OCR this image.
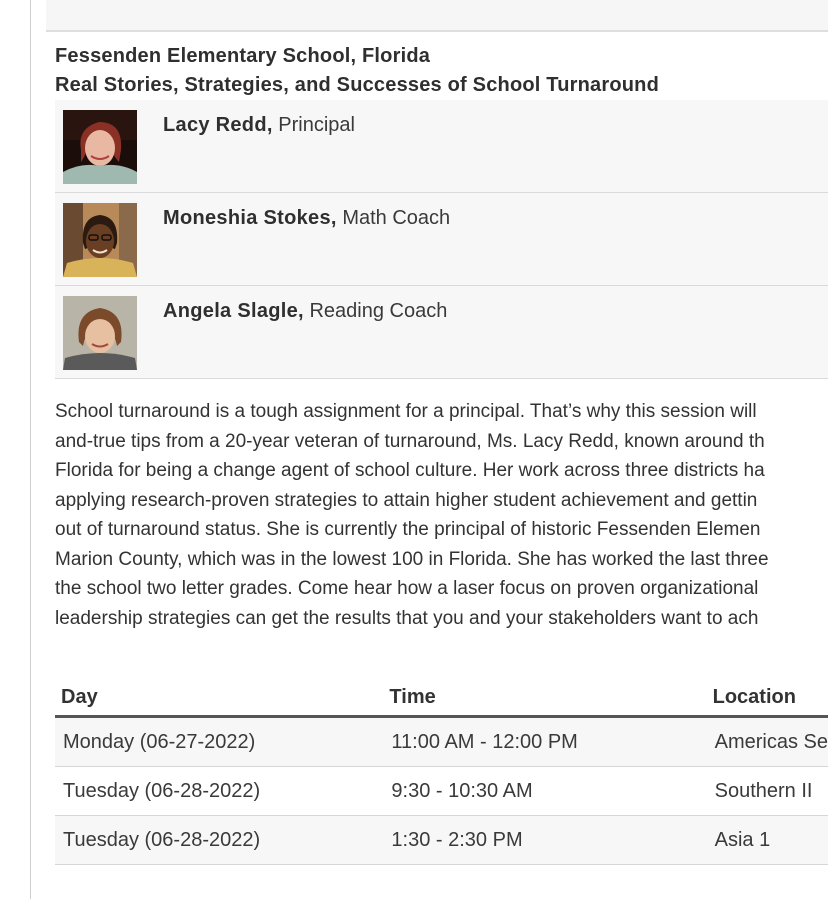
Fessenden Elementary School, Florida
Real Stories, Strategies, and Successes of School Turnaround
Lacy Redd, Principal
Moneshia Stokes, Math Coach
Angela Slagle, Reading Coach
School turnaround is a tough assignment for a principal. That’s why this session will
and-true tips from a 20-year veteran of turnaround, Ms. Lacy Redd, known around th
Florida for being a change agent of school culture. Her work across three districts ha
applying research-proven strategies to attain higher student achievement and gettin
out of turnaround status. She is currently the principal of historic Fessenden Elemen
Marion County, which was in the lowest 100 in Florida. She has worked the last three
the school two letter grades. Come hear how a laser focus on proven organizational
leadership strategies can get the results that you and your stakeholders want to ach
Day	Time	Location
Monday (06-27-2022)	11:00 AM - 12:00 PM	Americas Se
Tuesday (06-28-2022)	9:30 - 10:30 AM	Southern II
Tuesday (06-28-2022)	1:30 - 2:30 PM	Asia 1
